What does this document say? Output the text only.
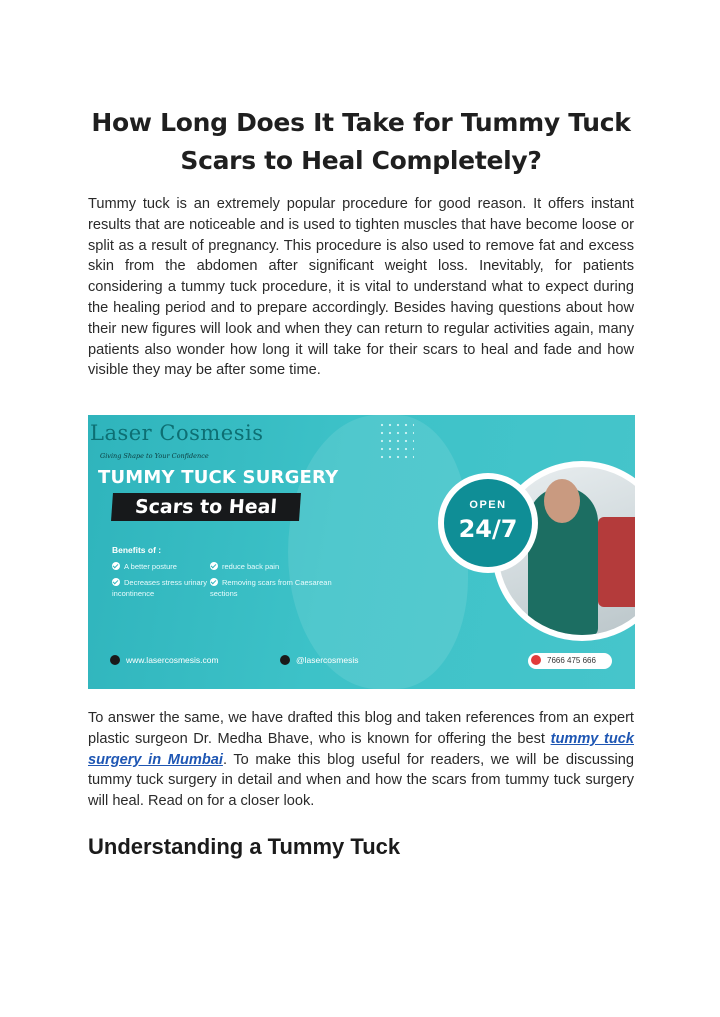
How Long Does It Take for Tummy Tuck Scars to Heal Completely?

Tummy tuck is an extremely popular procedure for good reason. It offers instant results that are noticeable and is used to tighten muscles that have become loose or split as a result of pregnancy. This procedure is also used to remove fat and excess skin from the abdomen after significant weight loss. Inevitably, for patients considering a tummy tuck procedure, it is vital to understand what to expect during the healing period and to prepare accordingly. Besides having questions about how their new figures will look and when they can return to regular activities again, many patients also wonder how long it will take for their scars to heal and fade and how visible they may be after some time.

Laser Cosmesis
Giving Shape to Your Confidence
TUMMY TUCK SURGERY
Scars to Heal
Benefits of :
A better posture	reduce back pain
Decreases stress urinary incontinence
Removing scars from Caesarean sections
OPEN
24/7
www.lasercosmesis.com	@lasercosmesis	7666 475 666

To answer the same, we have drafted this blog and taken references from an expert plastic surgeon Dr. Medha Bhave, who is known for offering the best tummy tuck surgery in Mumbai. To make this blog useful for readers, we will be discussing tummy tuck surgery in detail and when and how the scars from tummy tuck surgery will heal. Read on for a closer look.

Understanding a Tummy Tuck
